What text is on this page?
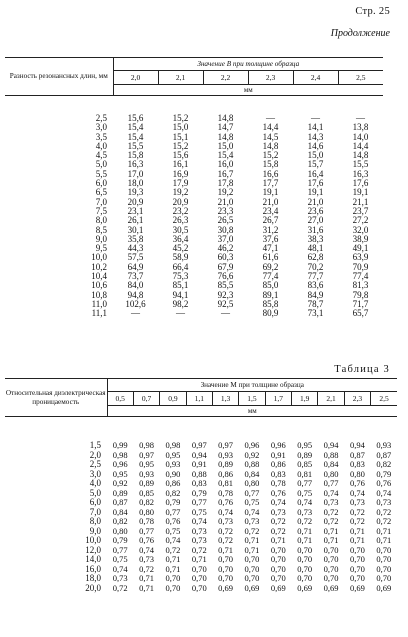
Стр. 25
Продолжение
Разность резонансных длин, мм	Значение В при толщине образца					
	2,0	2,1	2,2	2,3	2,4	2,5
	мм					

2,5	15,6	15,2	14,8	—	—	—
3,0	15,4	15,0	14,7	14,4	14,1	13,8
3,5	15,4	15,1	14,8	14,5	14,3	14,0
4,0	15,5	15,2	15,0	14,8	14,6	14,4
4,5	15,8	15,6	15,4	15,2	15,0	14,8
5,0	16,3	16,1	16,0	15,8	15,7	15,5
5,5	17,0	16,9	16,7	16,6	16,4	16,3
6,0	18,0	17,9	17,8	17,7	17,6	17,6
6,5	19,3	19,2	19,2	19,1	19,1	19,1
7,0	20,9	20,9	21,0	21,0	21,0	21,1
7,5	23,1	23,2	23,3	23,4	23,6	23,7
8,0	26,1	26,3	26,5	26,7	27,0	27,2
8,5	30,1	30,5	30,8	31,2	31,6	32,0
9,0	35,8	36,4	37,0	37,6	38,3	38,9
9,5	44,3	45,2	46,2	47,1	48,1	49,1
10,0	57,5	58,9	60,3	61,6	62,8	63,9
10,2	64,9	66,4	67,9	69,2	70,2	70,9
10,4	73,7	75,3	76,6	77,4	77,7	77,4
10,6	84,0	85,1	85,5	85,0	83,6	81,3
10,8	94,8	94,1	92,3	89,1	84,9	79,8
11,0	102,6	98,2	92,5	85,8	78,7	71,7
11,1	—	—	—	80,9	73,1	65,7
Таблица 3
Относительная диэлектрическая проницаемость	Значение М при толщине образца										
	0,5	0,7	0,9	1,1	1,3	1,5	1,7	1,9	2,1	2,3	2,5
	мм										

1,5	0,99	0,98	0,98	0,97	0,97	0,96	0,96	0,95	0,94	0,94	0,93
2,0	0,98	0,97	0,95	0,94	0,93	0,92	0,91	0,89	0,88	0,87	0,87
2,5	0,96	0,95	0,93	0,91	0,89	0,88	0,86	0,85	0,84	0,83	0,82
3,0	0,95	0,93	0,90	0,88	0,86	0,84	0,83	0,81	0,80	0,80	0,79
4,0	0,92	0,89	0,86	0,83	0,81	0,80	0,78	0,77	0,77	0,76	0,76
5,0	0,89	0,85	0,82	0,79	0,78	0,77	0,76	0,75	0,74	0,74	0,74
6,0	0,87	0,82	0,79	0,77	0,76	0,75	0,74	0,74	0,73	0,73	0,73
7,0	0,84	0,80	0,77	0,75	0,74	0,74	0,73	0,73	0,72	0,72	0,72
8,0	0,82	0,78	0,76	0,74	0,73	0,73	0,72	0,72	0,72	0,72	0,72
9,0	0,80	0,77	0,75	0,73	0,72	0,72	0,72	0,71	0,71	0,71	0,71
10,0	0,79	0,76	0,74	0,73	0,72	0,71	0,71	0,71	0,71	0,71	0,71
12,0	0,77	0,74	0,72	0,72	0,71	0,71	0,70	0,70	0,70	0,70	0,70
14,0	0,75	0,73	0,71	0,71	0,70	0,70	0,70	0,70	0,70	0,70	0,70
16,0	0,74	0,72	0,71	0,70	0,70	0,70	0,70	0,70	0,70	0,70	0,70
18,0	0,73	0,71	0,70	0,70	0,70	0,70	0,70	0,70	0,70	0,70	0,70
20,0	0,72	0,71	0,70	0,70	0,69	0,69	0,69	0,69	0,69	0,69	0,69
